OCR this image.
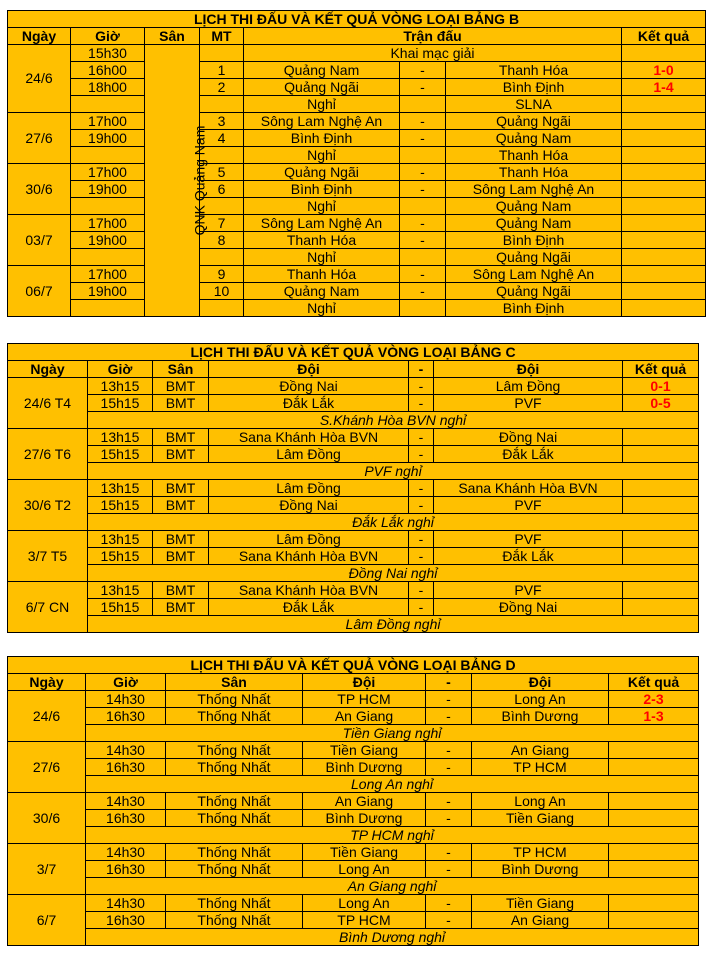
LỊCH THI ĐẤU VÀ KẾT QUẢ VÒNG LOẠI BẢNG B							
Ngày	Giờ	Sân	MT	Trận đấu			Kết quả
24/6	15h30	QNK Quảng Nam		Khai mạc giải			
	16h00		1	Quảng Nam	-	Thanh Hóa	1-0
	18h00		2	Quảng Ngãi	-	Bình Định	1-4
				Nghỉ		SLNA	
27/6	17h00		3	Sông Lam Nghệ An	-	Quảng Ngãi	
	19h00		4	Bình Định	-	Quảng Nam	
				Nghỉ		Thanh Hóa	
30/6	17h00		5	Quảng Ngãi	-	Thanh Hóa	
	19h00		6	Bình Định	-	Sông Lam Nghệ An	
				Nghỉ		Quảng Nam	
03/7	17h00		7	Sông Lam Nghệ An	-	Quảng Nam	
	19h00		8	Thanh Hóa	-	Bình Định	
				Nghỉ		Quảng Ngãi	
06/7	17h00		9	Thanh Hóa	-	Sông Lam Nghệ An	
	19h00		10	Quảng Nam	-	Quảng Ngãi	
				Nghỉ		Bình Định	
LỊCH THI ĐẤU VÀ KẾT QUẢ VÒNG LOẠI BẢNG C						
Ngày	Giờ	Sân	Đội	-	Đội	Kết quả
24/6 T4	13h15	BMT	Đồng Nai	-	Lâm Đồng	0-1
	15h15	BMT	Đắk Lắk	-	PVF	0-5
	S.Khánh Hòa BVN nghỉ					
27/6 T6	13h15	BMT	Sana Khánh Hòa BVN	-	Đồng Nai	
	15h15	BMT	Lâm Đồng	-	Đắk Lắk	
	PVF nghỉ					
30/6 T2	13h15	BMT	Lâm Đồng	-	Sana Khánh Hòa BVN	
	15h15	BMT	Đồng Nai	-	PVF	
	Đắk Lắk nghỉ					
3/7 T5	13h15	BMT	Lâm Đồng	-	PVF	
	15h15	BMT	Sana Khánh Hòa BVN	-	Đắk Lắk	
	Đồng Nai nghỉ					
6/7 CN	13h15	BMT	Sana Khánh Hòa BVN	-	PVF	
	15h15	BMT	Đắk Lắk	-	Đồng Nai	
	Lâm Đồng nghỉ					
LỊCH THI ĐẤU VÀ KẾT QUẢ VÒNG LOẠI BẢNG D						
Ngày	Giờ	Sân	Đội	-	Đội	Kết quả
24/6	14h30	Thống Nhất	TP HCM	-	Long An	2-3
	16h30	Thống Nhất	An Giang	-	Bình Dương	1-3
	Tiền Giang nghỉ					
27/6	14h30	Thống Nhất	Tiền Giang	-	An Giang	
	16h30	Thống Nhất	Bình Dương	-	TP HCM	
	Long An nghỉ					
30/6	14h30	Thống Nhất	An Giang	-	Long An	
	16h30	Thống Nhất	Bình Dương	-	Tiền Giang	
	TP HCM nghỉ					
3/7	14h30	Thống Nhất	Tiền Giang	-	TP HCM	
	16h30	Thống Nhất	Long An	-	Bình Dương	
	An Giang nghỉ					
6/7	14h30	Thống Nhất	Long An	-	Tiền Giang	
	16h30	Thống Nhất	TP HCM	-	An Giang	
	Bình Dương nghỉ					
